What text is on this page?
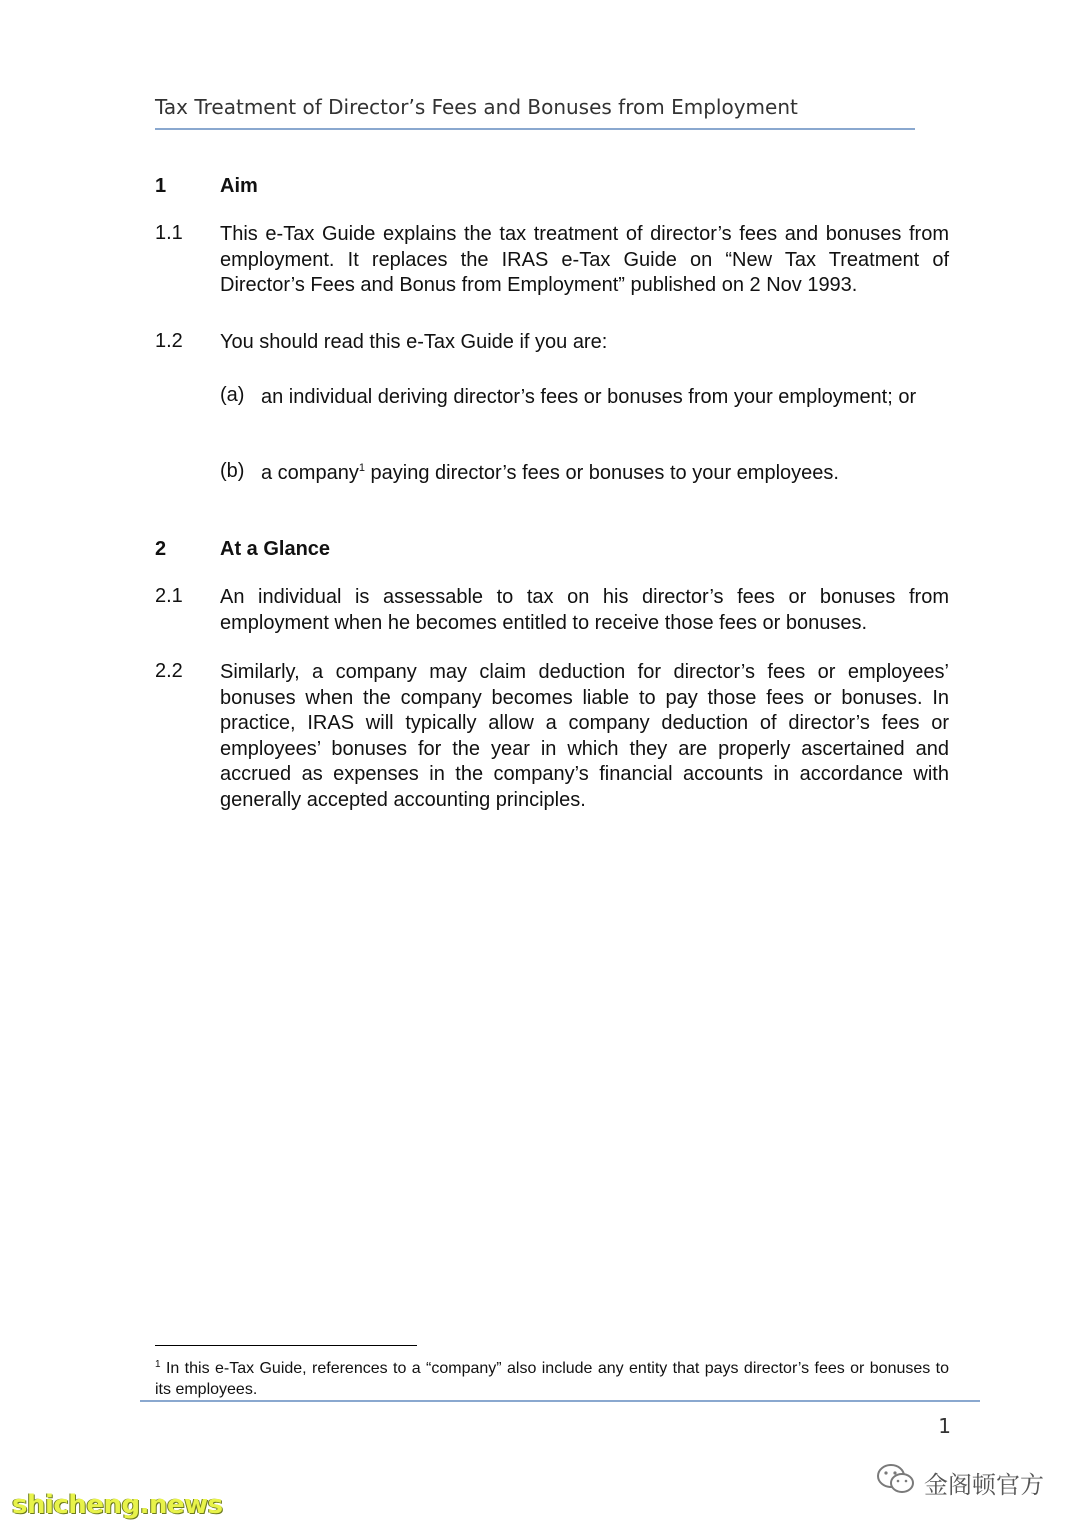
Tax Treatment of Director’s Fees and Bonuses from Employment
1	Aim
1.1 This e-Tax Guide explains the tax treatment of director’s fees and bonuses from employment. It replaces the IRAS e-Tax Guide on “New Tax Treatment of Director’s Fees and Bonus from Employment” published on 2 Nov 1993.
1.2 You should read this e-Tax Guide if you are:
(a) an individual deriving director’s fees or bonuses from your employment; or
(b) a company$^1$ paying director’s fees or bonuses to your employees.
2	At a Glance
2.1 An individual is assessable to tax on his director’s fees or bonuses from employment when he becomes entitled to receive those fees or bonuses.
2.2 Similarly, a company may claim deduction for director’s fees or employees’ bonuses when the company becomes liable to pay those fees or bonuses. In practice, IRAS will typically allow a company deduction of director’s fees or employees’ bonuses for the year in which they are properly ascertained and accrued as expenses in the company’s financial accounts in accordance with generally accepted accounting principles.
$^1$ In this e-Tax Guide, references to a “company” also include any entity that pays director’s fees or bonuses to its employees.
1
金阁顿官方
shicheng.news
